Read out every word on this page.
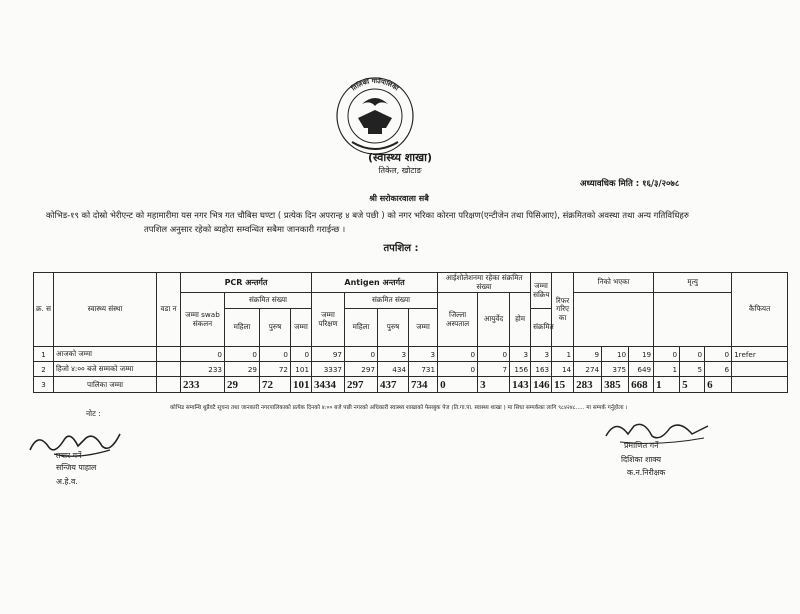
तिलिको गाउँपालिका
(स्वास्थ्य शाखा)
तिकेल, खोटाङ
अध्यावधिक मिति : १६/३/२०७८
श्री सरोकारवाला सबै
कोभिड-१९ को दोस्रो भेरीएन्ट को महामारीमा यस नगर भित्र गत चौबिस घण्टा ( प्रत्येक दिन अपरान्ह ४ बजे पछी ) को नगर भरिका कोरना परिक्षण(एन्टीजेन तथा पिसिआए), संक्रमितको अवस्था तथा अन्य गतिविधिहरु
तपशिल अनुसार रहेको ब्यहोरा सम्वन्धित सबैमा जानकारी गराईन्छ ।
तपशिल :
क्र. स	स्वास्थ्य संस्था	वडा न	PCR अन्तर्गत				Antigen अन्तर्गत				आईशोलेशनमा रहेका संक्रमित संख्या			जम्मा सक्रिय	रिफर गरिए का	निको भएका			मृत्यु			कैफियत
			जम्मा swab संकलन	संक्रमित संख्या			जम्मा परिक्षण	संक्रमित संख्या			जिल्ला अस्पताल	आयुर्वेद	होम									
				महिला	पुरुष	जम्मा		महिला	पुरुष	जम्मा				संक्रमित								
1	आजको जम्मा		0	0	0	0	97	0	3	3	0	0	3	3	1	9	10	19	0	0	0	1refer
2	हिजो ४:०० बजे सम्मको जम्मा		233	29	72	101	3337	297	434	731	0	7	156	163	14	274	375	649	1	5	6	
3	पालिका जम्मा		233	29	72	101	3434	297	437	734	0	3	143	146	15	283	385	668	1	5	6	
कोभिड सम्वन्धि थुप्रैवटै सूचना तथा जानकारी नगरपालिकाको प्रत्येक दिनको ४:०० बजे पछी नगरको अधिकारी स्वास्थ्य शाखाको फेसबुक पेज (ति.गा.पा. स्वास्थ्य शाखा ) मा सिधा सम्पर्कका लागि ९८४२४८..... मा सम्पर्क गर्नुहोला ।
नोट :
तयार गर्ने
सन्जिय पाहाल
अ.हे.व.
प्रमाणित गर्ने
दिशिका शाक्य
क.न.निरीक्षक
